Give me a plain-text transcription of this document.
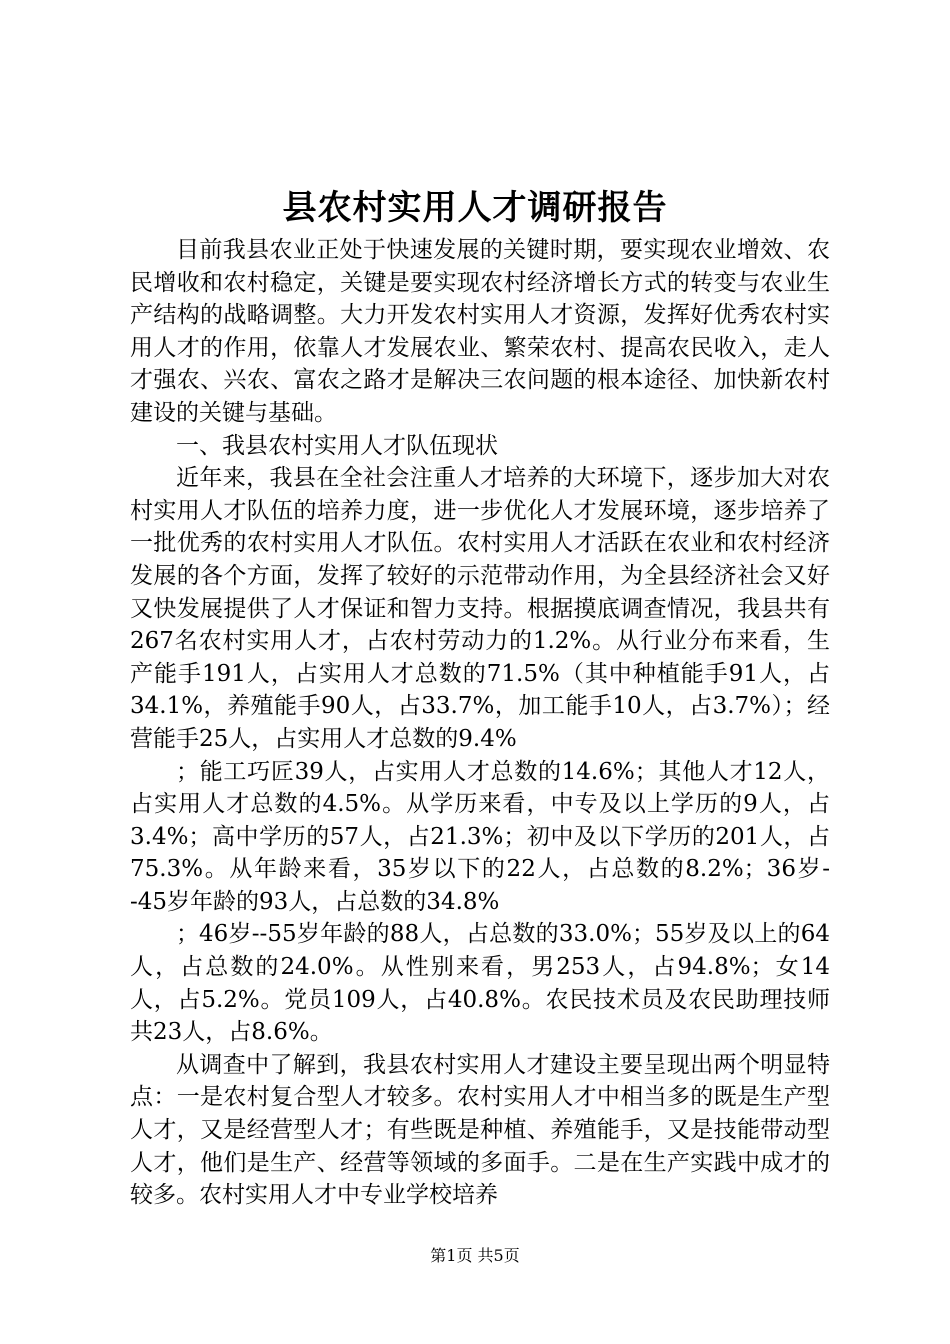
县农村实用人才调研报告

目前我县农业正处于快速发展的关键时期，要实现农业增效、农民增收和农村稳定，关键是要实现农村经济增长方式的转变与农业生产结构的战略调整。大力开发农村实用人才资源，发挥好优秀农村实用人才的作用，依靠人才发展农业、繁荣农村、提高农民收入，走人才强农、兴农、富农之路才是解决三农问题的根本途径、加快新农村建设的关键与基础。

一、我县农村实用人才队伍现状

近年来，我县在全社会注重人才培养的大环境下，逐步加大对农村实用人才队伍的培养力度，进一步优化人才发展环境，逐步培养了一批优秀的农村实用人才队伍。农村实用人才活跃在农业和农村经济发展的各个方面，发挥了较好的示范带动作用，为全县经济社会又好又快发展提供了人才保证和智力支持。根据摸底调查情况，我县共有267名农村实用人才，占农村劳动力的1.2%。从行业分布来看，生产能手191人，占实用人才总数的71.5%（其中种植能手91人，占34.1%，养殖能手90人，占33.7%，加工能手10人，占3.7%）；经营能手25人，占实用人才总数的9.4%

；能工巧匠39人，占实用人才总数的14.6%；其他人才12人，占实用人才总数的4.5%。从学历来看，中专及以上学历的9人，占3.4%；高中学历的57人，占21.3%；初中及以下学历的201人，占75.3%。从年龄来看，35岁以下的22人，占总数的8.2%；36岁--45岁年龄的93人，占总数的34.8%

；46岁--55岁年龄的88人，占总数的33.0%；55岁及以上的64人，占总数的24.0%。从性别来看，男253人，占94.8%；女14人，占5.2%。党员109人，占40.8%。农民技术员及农民助理技师共23人，占8.6%。

从调查中了解到，我县农村实用人才建设主要呈现出两个明显特点：一是农村复合型人才较多。农村实用人才中相当多的既是生产型人才，又是经营型人才；有些既是种植、养殖能手，又是技能带动型人才，他们是生产、经营等领域的多面手。二是在生产实践中成才的较多。农村实用人才中专业学校培养

第1页 共5页
